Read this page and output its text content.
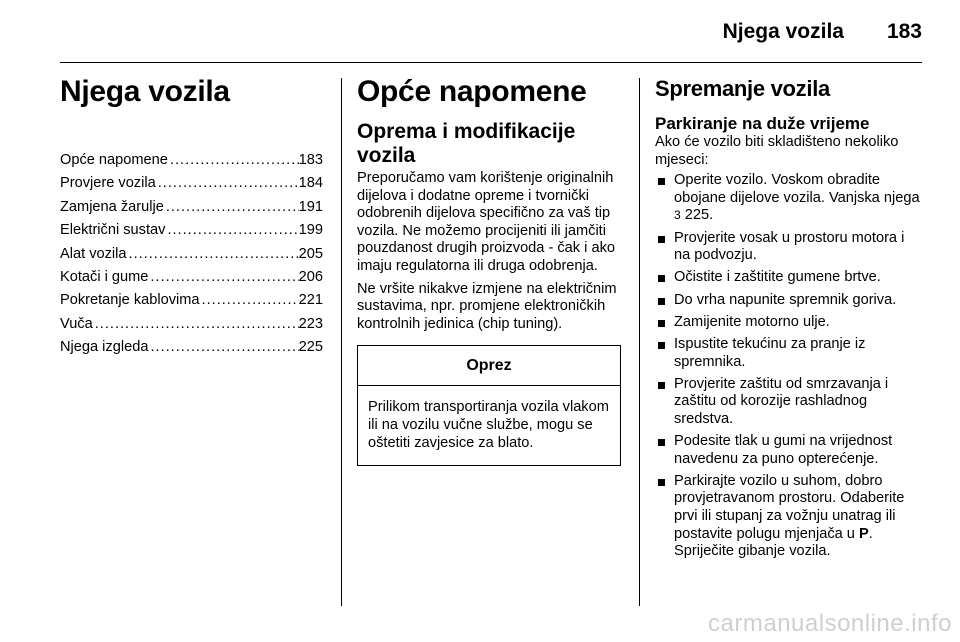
Njega vozila 183
Njega vozila
Opće napomene .....	183
Provjere vozila .....	184
Zamjena žarulje .....	191
Električni sustav .....	199
Alat vozila .....	205
Kotači i gume .....	206
Pokretanje kablovima .....	221
Vuča .....	223
Njega izgleda .....	225
Opće napomene
Oprema i modifikacije vozila

Preporučamo vam korištenje originalnih dijelova i dodatne opreme i tvornički odobrenih dijelova specifično za vaš tip vozila. Ne možemo procijeniti ili jamčiti pouzdanost drugih proizvoda - čak i ako imaju regulatorna ili druga odobrenja.

Ne vršite nikakve izmjene na električnim sustavima, npr. promjene elektroničkih kontrolnih jedinica (chip tuning).

Oprez
Prilikom transportiranja vozila vlakom ili na vozilu vučne službe, mogu se oštetiti zavjesice za blato.
Spremanje vozila
Parkiranje na duže vrijeme

Ako će vozilo biti skladišteno nekoliko mjeseci:

Operite vozilo. Voskom obradite obojane dijelove vozila. Vanjska njega 3 225.
Provjerite vosak u prostoru motora i na podvozju.
Očistite i zaštitite gumene brtve.
Do vrha napunite spremnik goriva.
Zamijenite motorno ulje.
Ispustite tekućinu za pranje iz spremnika.
Provjerite zaštitu od smrzavanja i zaštitu od korozije rashladnog sredstva.
Podesite tlak u gumi na vrijednost navedenu za puno opterećenje.
Parkirajte vozilo u suhom, dobro provjetravanom prostoru. Odaberite prvi ili stupanj za vožnju unatrag ili postavite polugu mjenjača u P. Spriječite gibanje vozila.
carmanualsonline.info
